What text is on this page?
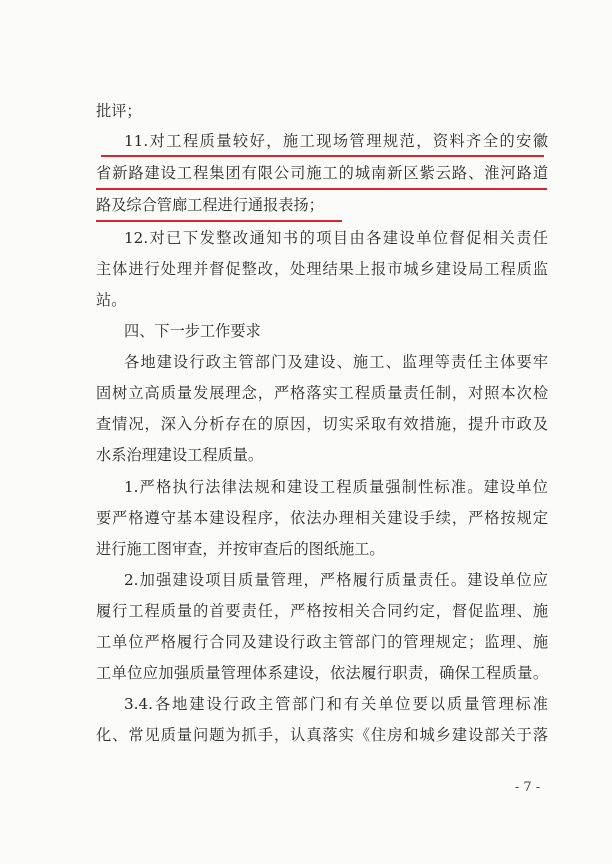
批评；
11.对工程质量较好，施工现场管理规范，资料齐全的安徽
省新路建设工程集团有限公司施工的城南新区紫云路、淮河路道
路及综合管廊工程进行通报表扬；
12.对已下发整改通知书的项目由各建设单位督促相关责任
主体进行处理并督促整改，处理结果上报市城乡建设局工程质监
站。
四、下一步工作要求
各地建设行政主管部门及建设、施工、监理等责任主体要牢
固树立高质量发展理念，严格落实工程质量责任制，对照本次检
查情况，深入分析存在的原因，切实采取有效措施，提升市政及
水系治理建设工程质量。
1.严格执行法律法规和建设工程质量强制性标准。建设单位
要严格遵守基本建设程序，依法办理相关建设手续，严格按规定
进行施工图审查，并按审查后的图纸施工。
2.加强建设项目质量管理，严格履行质量责任。建设单位应
履行工程质量的首要责任，严格按相关合同约定，督促监理、施
工单位严格履行合同及建设行政主管部门的管理规定；监理、施
工单位应加强质量管理体系建设，依法履行职责，确保工程质量。
3.4.各地建设行政主管部门和有关单位要以质量管理标准
化、常见质量问题为抓手，认真落实《住房和城乡建设部关于落
- 7 -
